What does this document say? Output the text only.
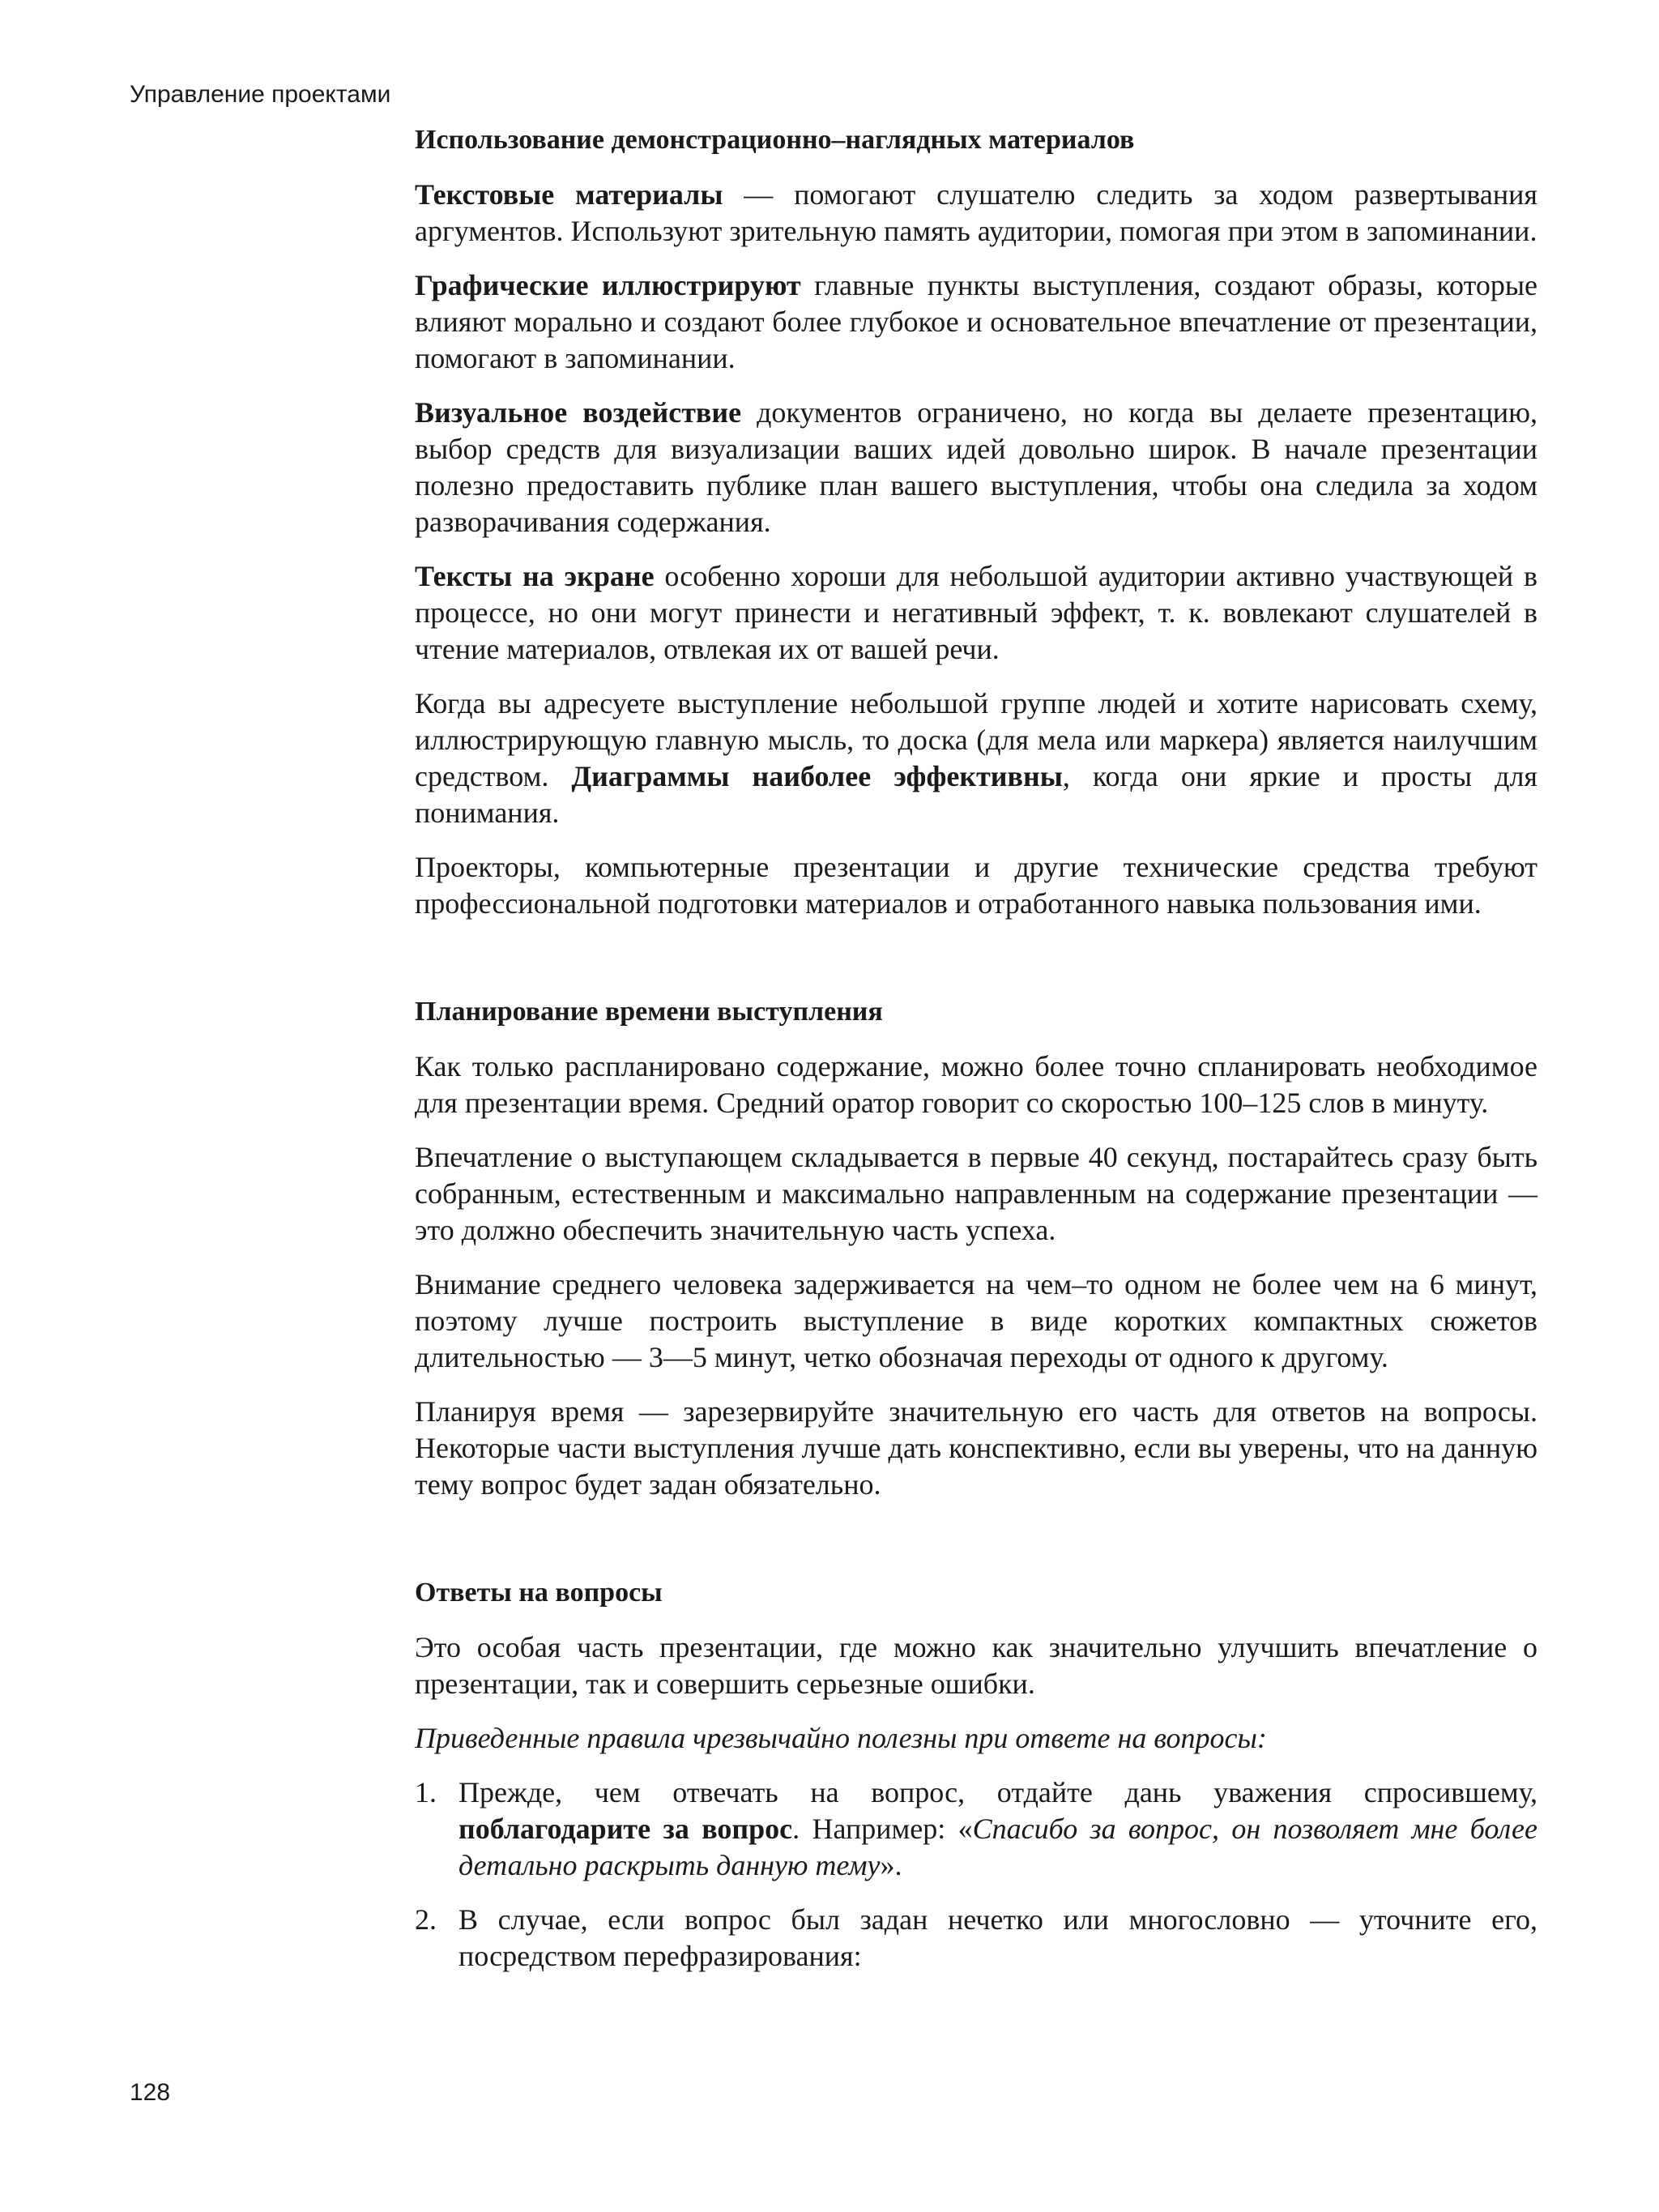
Управление проектами
Использование демонстрационно–наглядных материалов

Текстовые материалы — помогают слушателю следить за ходом развертывания аргументов. Используют зрительную память аудитории, помогая при этом в запоминании.

Графические иллюстрируют главные пункты выступления, создают образы, которые влияют морально и создают более глубокое и основательное впечатление от презентации, помогают в запоминании.

Визуальное воздействие документов ограничено, но когда вы делаете презентацию, выбор средств для визуализации ваших идей довольно широк. В начале презентации полезно предоставить публике план вашего выступления, чтобы она следила за ходом разворачивания содержания.

Тексты на экране особенно хороши для небольшой аудитории активно участвующей в процессе, но они могут принести и негативный эффект, т. к. вовлекают слушателей в чтение материалов, отвлекая их от вашей речи.

Когда вы адресуете выступление небольшой группе людей и хотите нарисовать схему, иллюстрирующую главную мысль, то доска (для мела или маркера) является наилучшим средством. Диаграммы наиболее эффективны, когда они яркие и просты для понимания.

Проекторы, компьютерные презентации и другие технические средства требуют профессиональной подготовки материалов и отработанного навыка пользования ими.

Планирование времени выступления

Как только распланировано содержание, можно более точно спланировать необходимое для презентации время. Средний оратор говорит со скоростью 100–125 слов в минуту.

Впечатление о выступающем складывается в первые 40 секунд, постарайтесь сразу быть собранным, естественным и максимально направленным на содержание презентации — это должно обеспечить значительную часть успеха.

Внимание среднего человека задерживается на чем–то одном не более чем на 6 минут, поэтому лучше построить выступление в виде коротких компактных сюжетов длительностью — 3—5 минут, четко обозначая переходы от одного к другому.

Планируя время — зарезервируйте значительную его часть для ответов на вопросы. Некоторые части выступления лучше дать конспективно, если вы уверены, что на данную тему вопрос будет задан обязательно.

Ответы на вопросы

Это особая часть презентации, где можно как значительно улучшить впечатление о презентации, так и совершить серьезные ошибки.

Приведенные правила чрезвычайно полезны при ответе на вопросы:

1. Прежде, чем отвечать на вопрос, отдайте дань уважения спросившему, поблагодарите за вопрос. Например: «Спасибо за вопрос, он позволяет мне более детально раскрыть данную тему».
2. В случае, если вопрос был задан нечетко или многословно — уточните его, посредством перефразирования:
128
